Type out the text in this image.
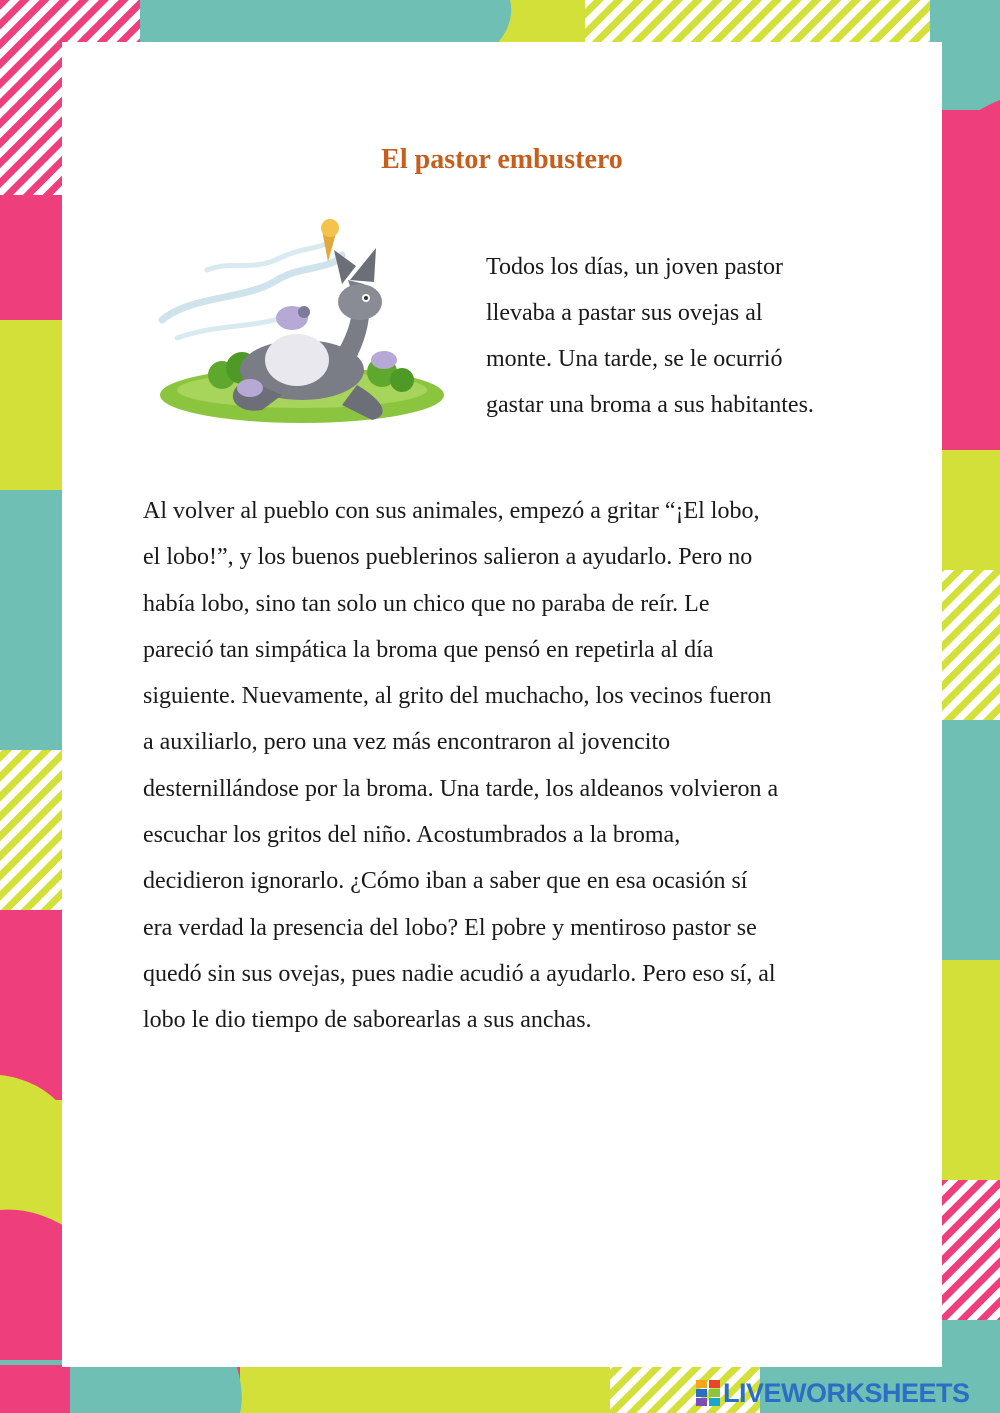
El pastor embustero

Todos los días, un joven pastor
llevaba a pastar sus ovejas al
monte. Una tarde, se le ocurrió
gastar una broma a sus habitantes.

Al volver al pueblo con sus animales, empezó a gritar “¡El lobo,
el lobo!”, y los buenos pueblerinos salieron a ayudarlo. Pero no
había lobo, sino tan solo un chico que no paraba de reír. Le
pareció tan simpática la broma que pensó en repetirla al día
siguiente. Nuevamente, al grito del muchacho, los vecinos fueron
a auxiliarlo, pero una vez más encontraron al jovencito
desternillándose por la broma. Una tarde, los aldeanos volvieron a
escuchar los gritos del niño. Acostumbrados a la broma,
decidieron ignorarlo. ¿Cómo iban a saber que en esa ocasión sí
era verdad la presencia del lobo? El pobre y mentiroso pastor se
quedó sin sus ovejas, pues nadie acudió a ayudarlo. Pero eso sí, al
lobo le dio tiempo de saborearlas a sus anchas.

LIVEWORKSHEETS
